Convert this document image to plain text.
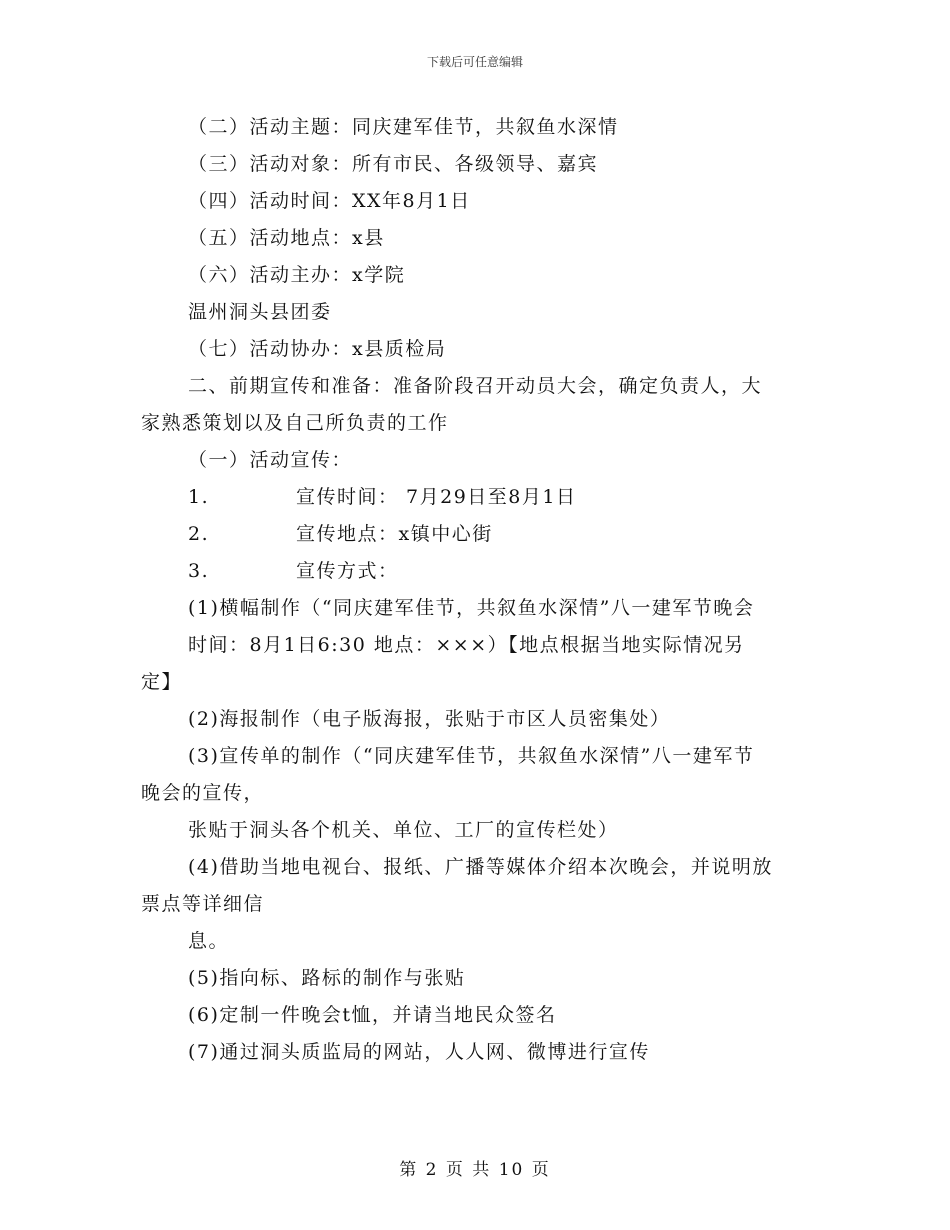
下载后可任意编辑
（二）活动主题：同庆建军佳节，共叙鱼水深情
（三）活动对象：所有市民、各级领导、嘉宾
（四）活动时间：XX年8月1日
（五）活动地点：x县
（六）活动主办：x学院
温州洞头县团委
（七）活动协办：x县质检局
二、前期宣传和准备：准备阶段召开动员大会，确定负责人，大
家熟悉策划以及自己所负责的工作
（一）活动宣传：
1.	宣传时间： 7月29日至8月1日
2.	宣传地点：x镇中心街
3.	宣传方式：
(1)横幅制作（“同庆建军佳节，共叙鱼水深情”八一建军节晚会
时间：8月1日6:30 地点：×××）【地点根据当地实际情况另
定】
(2)海报制作（电子版海报，张贴于市区人员密集处）
(3)宣传单的制作（“同庆建军佳节，共叙鱼水深情”八一建军节
晚会的宣传，
张贴于洞头各个机关、单位、工厂的宣传栏处）
(4)借助当地电视台、报纸、广播等媒体介绍本次晚会，并说明放
票点等详细信
息。
(5)指向标、路标的制作与张贴
(6)定制一件晚会t恤，并请当地民众签名
(7)通过洞头质监局的网站，人人网、微博进行宣传
第 2 页 共 10 页
